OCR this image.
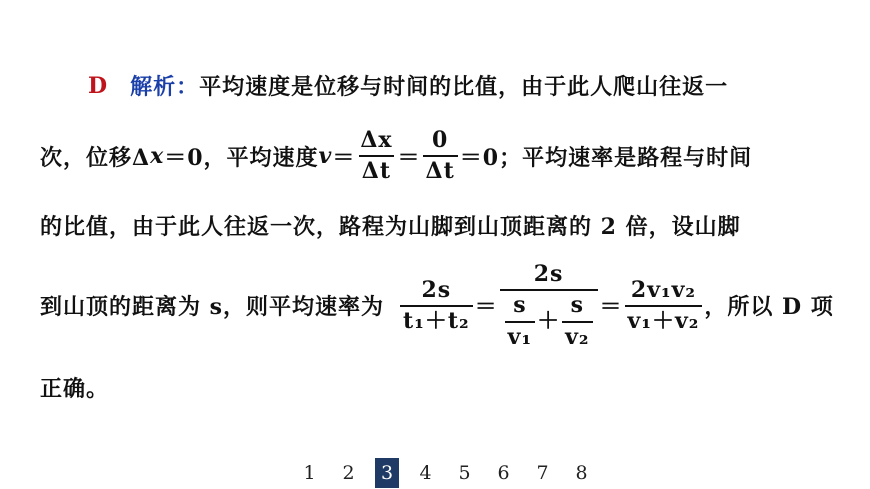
D 解析： 平均速度是位移与时间的比值，由于此人爬山往返一
次，位移Δ x ＝0，平均速度 $v = \frac{\Delta x}{\Delta t} = \frac{0}{\Delta t} =0$；平均速率是路程与时间
的比值，由于此人往返一次，路程为山脚到山顶距离的 2 倍，设山脚
到山顶的距离为 s，则平均速率为 $\frac{2s}{\text{t₁＋t₂}}$ ＝
2s
$\frac{s}{\text{v₁}} + \frac{s}{\text{v₂}} = \frac{\text{2v₁v₂}}{\text{v₁＋v₂}}$ ，所以 D 项
正确。
1	2	3	4	5	6	7	8
